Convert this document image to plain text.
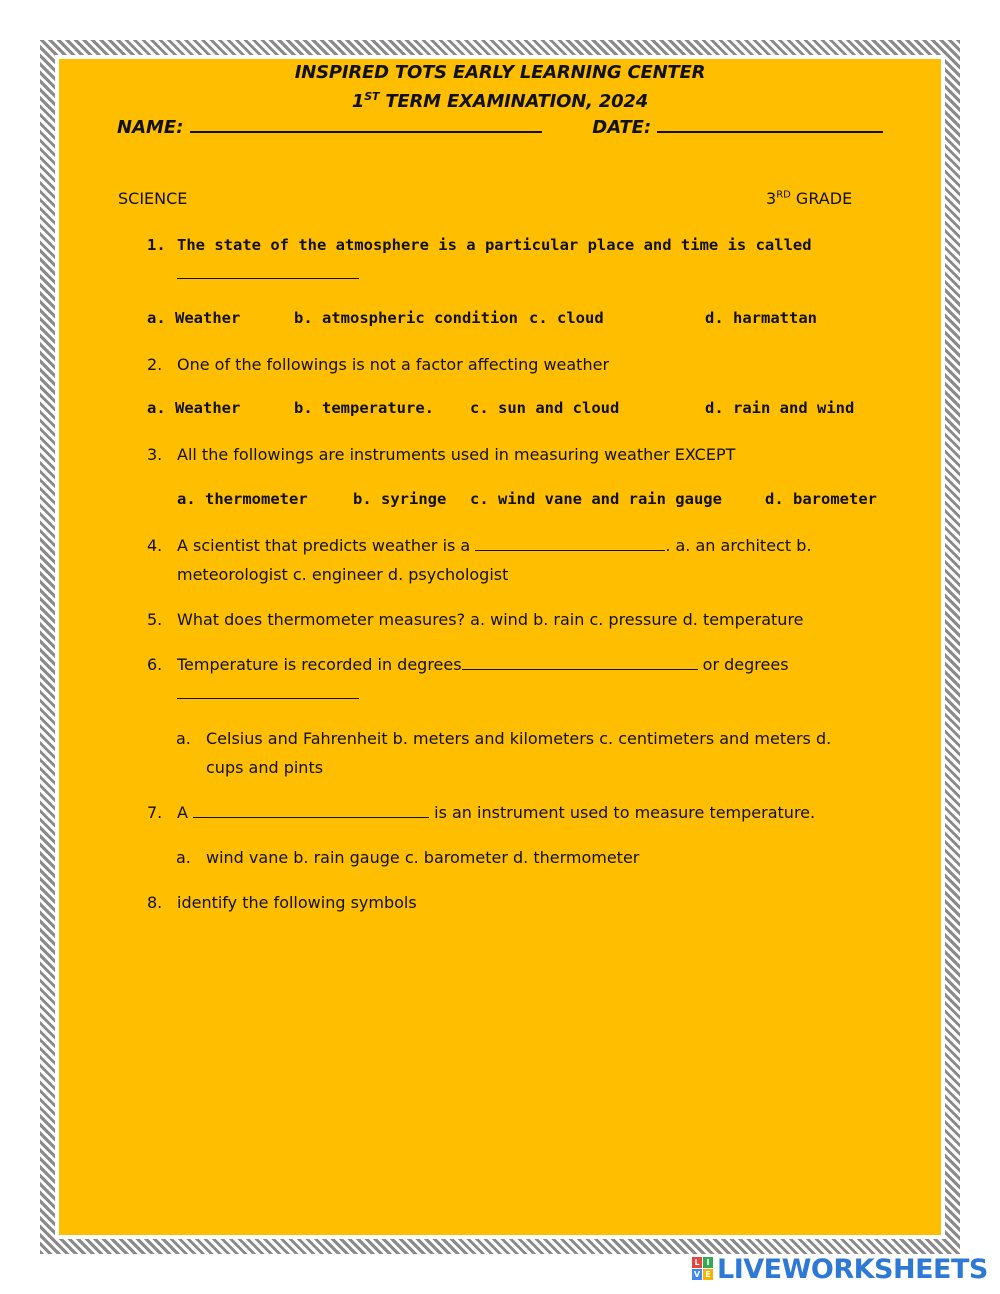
INSPIRED TOTS EARLY LEARNING CENTER
1ST TERM EXAMINATION, 2024
NAME:	DATE:
SCIENCE	3RD GRADE
1. The state of the atmosphere is a particular place and time is called

a. Weather	b. atmospheric condition c. cloud	d. harmattan
2. One of the followings is not a factor affecting weather
a. Weather	b. temperature. c. sun and cloud	d. rain and wind
3. All the followings are instruments used in measuring weather EXCEPT
a. thermometer	b. syringe c. wind vane and rain gauge	d. barometer
4. A scientist that predicts weather is a	. a. an architect b.
meteorologist c. engineer d. psychologist
5. What does thermometer measures? a. wind b. rain c. pressure d. temperature
6. Temperature is recorded in degrees	or degrees

a. Celsius and Fahrenheit b. meters and kilometers c. centimeters and meters d.
cups and pints
7. A	is an instrument used to measure temperature.
a. wind vane b. rain gauge c. barometer d. thermometer
8. identify the following symbols
L I
V E LIVEWORKSHEETS
